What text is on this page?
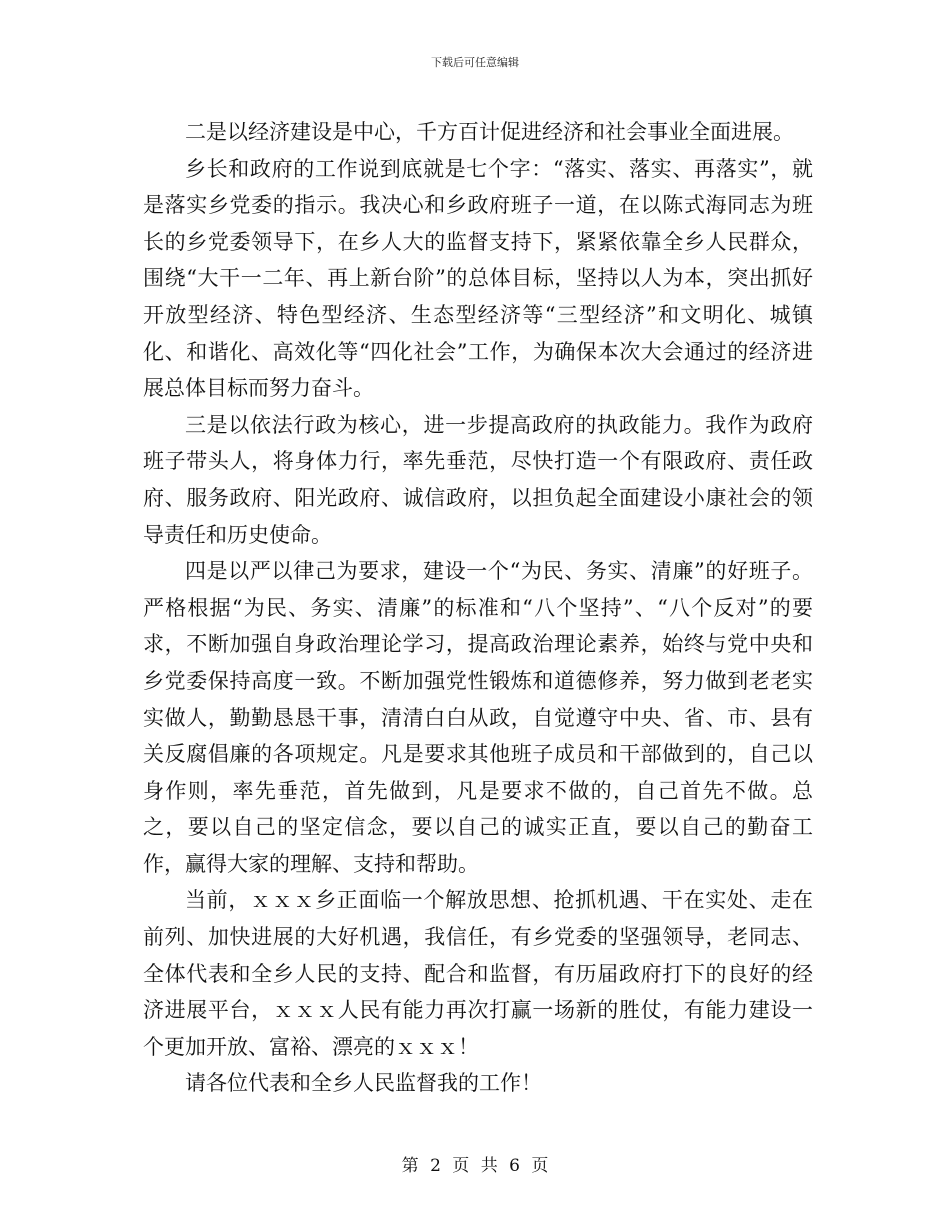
下载后可任意编辑

二是以经济建设是中心，千方百计促进经济和社会事业全面进展。

乡长和政府的工作说到底就是七个字：“落实、落实、再落实”，就是落实乡党委的指示。我决心和乡政府班子一道，在以陈式海同志为班长的乡党委领导下，在乡人大的监督支持下，紧紧依靠全乡人民群众，围绕“大干一二年、再上新台阶”的总体目标，坚持以人为本，突出抓好开放型经济、特色型经济、生态型经济等“三型经济”和文明化、城镇化、和谐化、高效化等“四化社会”工作，为确保本次大会通过的经济进展总体目标而努力奋斗。

三是以依法行政为核心，进一步提高政府的执政能力。我作为政府班子带头人，将身体力行，率先垂范，尽快打造一个有限政府、责任政府、服务政府、阳光政府、诚信政府，以担负起全面建设小康社会的领导责任和历史使命。

四是以严以律己为要求，建设一个“为民、务实、清廉”的好班子。严格根据“为民、务实、清廉”的标准和“八个坚持”、“八个反对”的要求，不断加强自身政治理论学习，提高政治理论素养，始终与党中央和乡党委保持高度一致。不断加强党性锻炼和道德修养，努力做到老老实实做人，勤勤恳恳干事，清清白白从政，自觉遵守中央、省、市、县有关反腐倡廉的各项规定。凡是要求其他班子成员和干部做到的，自己以身作则，率先垂范，首先做到，凡是要求不做的，自己首先不做。总之，要以自己的坚定信念，要以自己的诚实正直，要以自己的勤奋工作，赢得大家的理解、支持和帮助。

当前，ｘｘｘ乡正面临一个解放思想、抢抓机遇、干在实处、走在前列、加快进展的大好机遇，我信任，有乡党委的坚强领导，老同志、全体代表和全乡人民的支持、配合和监督，有历届政府打下的良好的经济进展平台，ｘｘｘ人民有能力再次打赢一场新的胜仗，有能力建设一个更加开放、富裕、漂亮的ｘｘｘ！

请各位代表和全乡人民监督我的工作！

第 2 页 共 6 页
